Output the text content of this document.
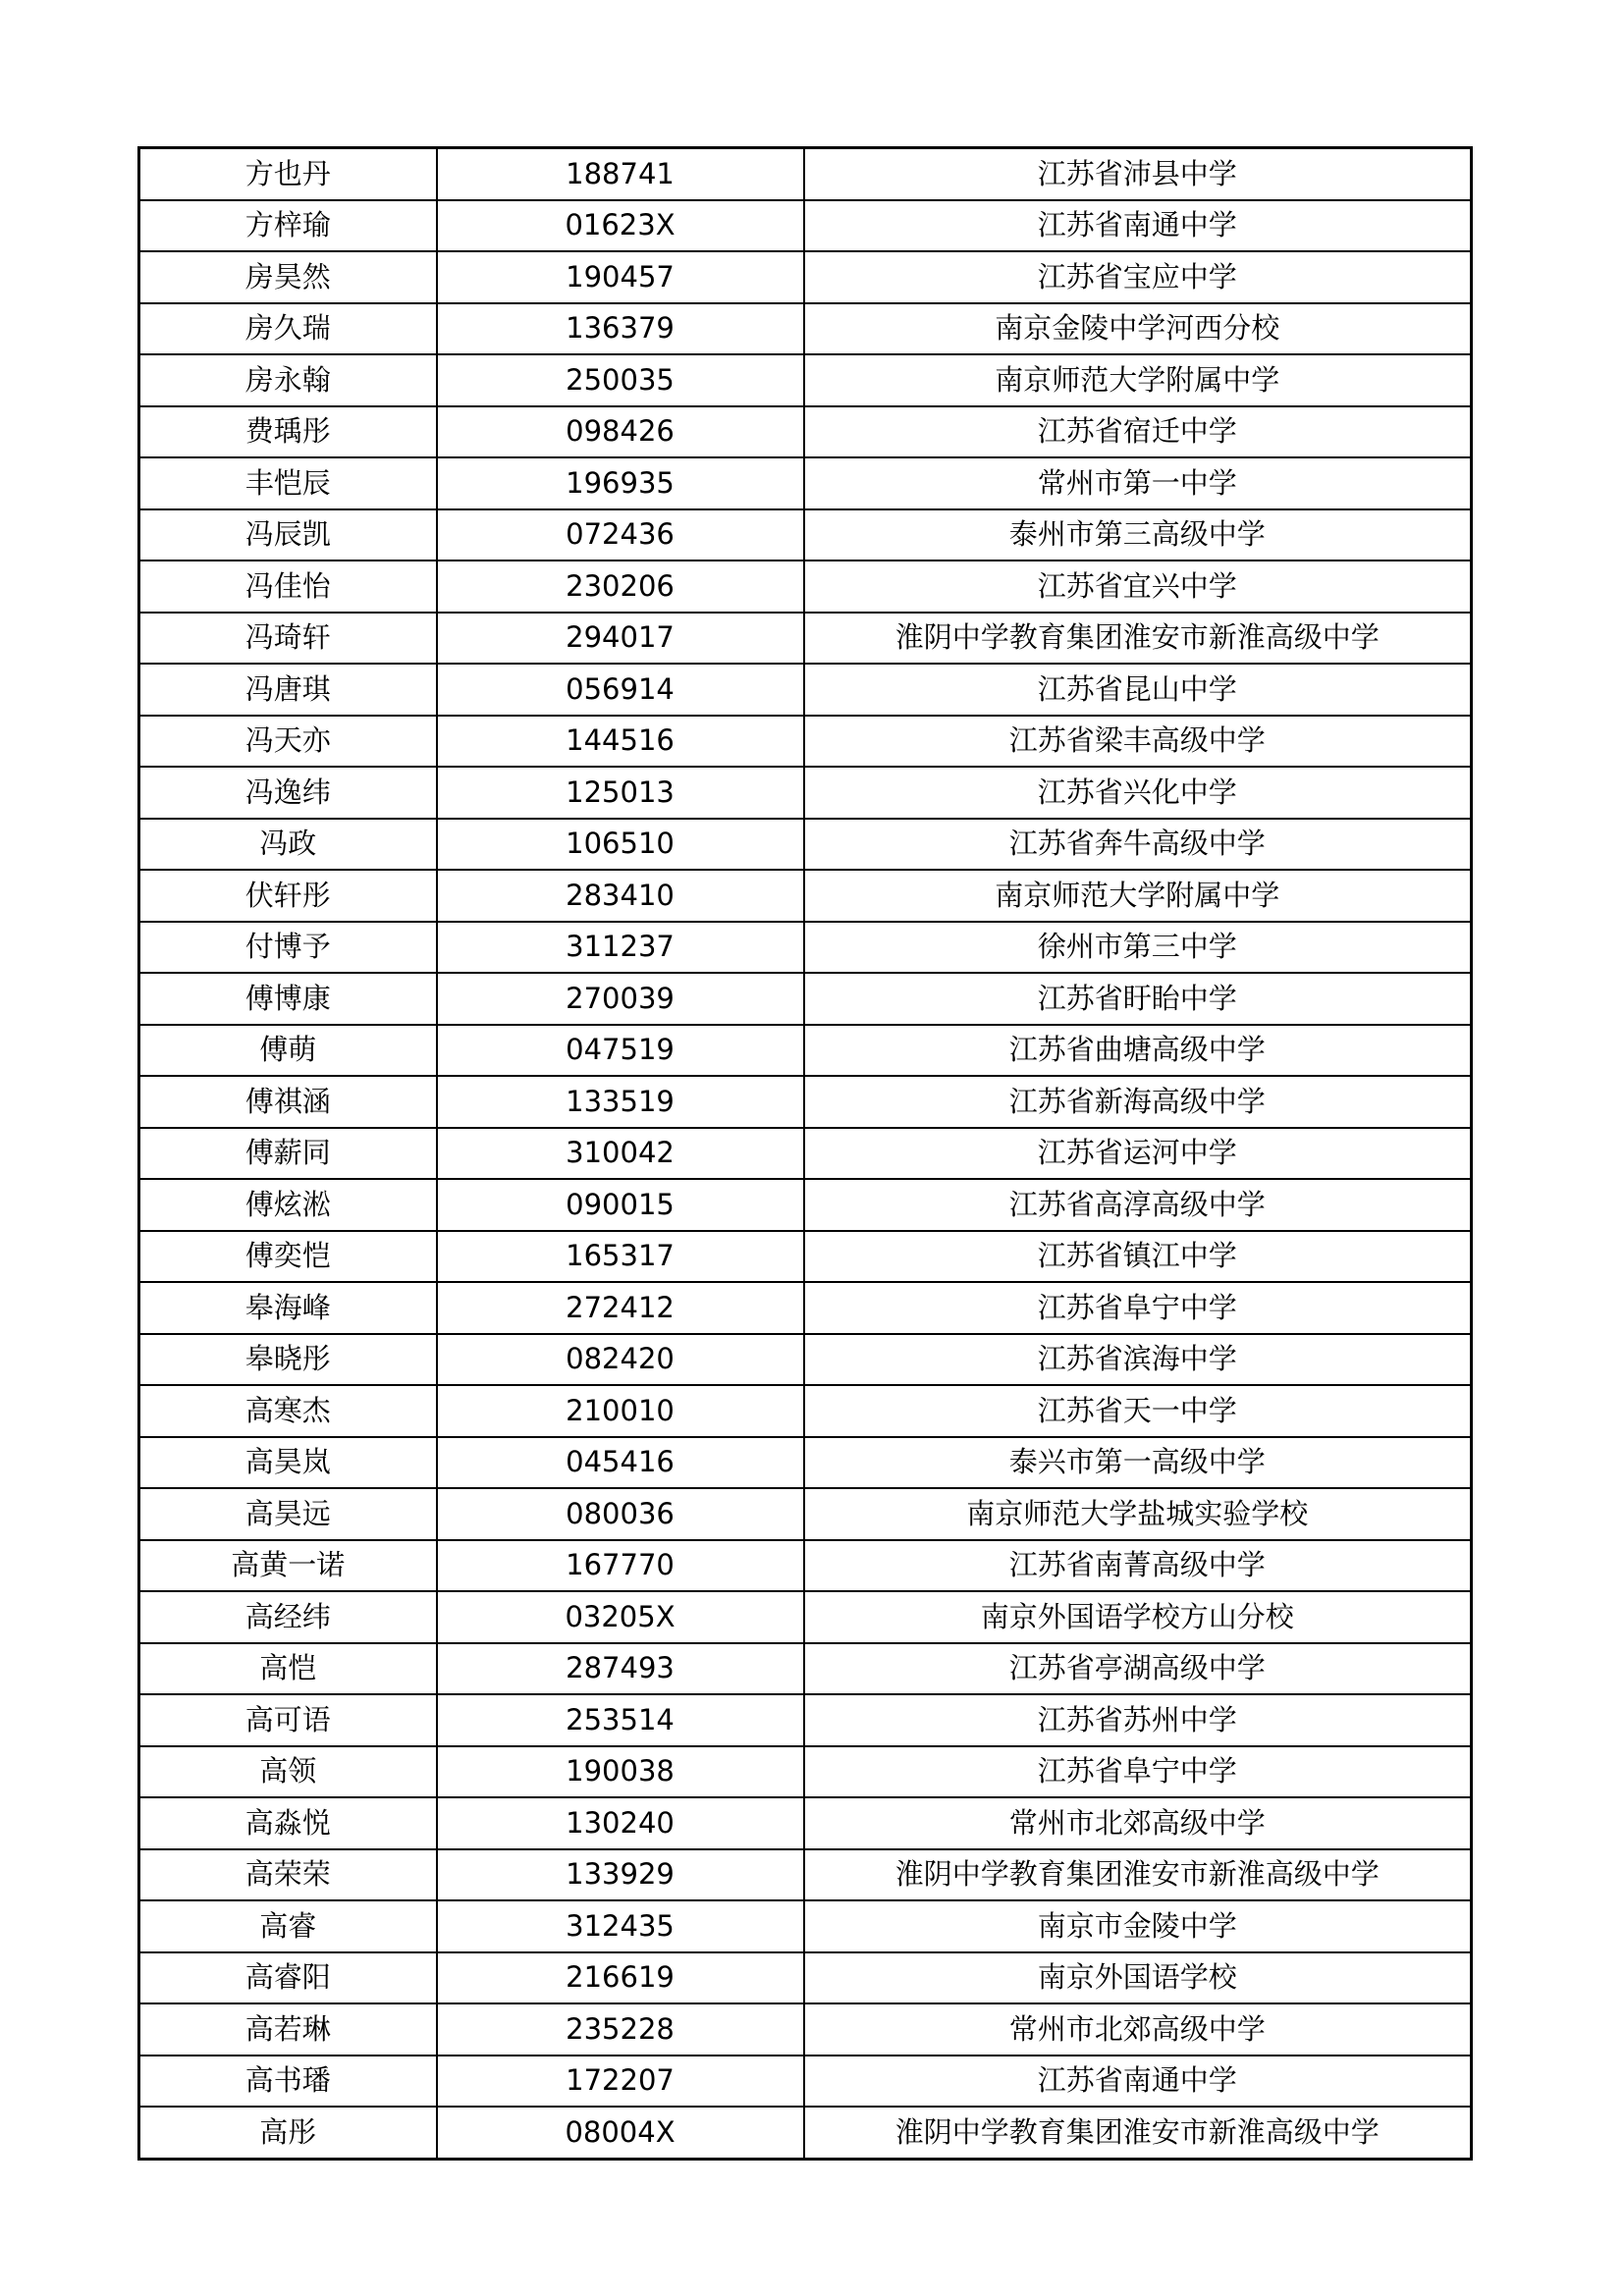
方也丹	188741	江苏省沛县中学
方梓瑜	01623X	江苏省南通中学
房昊然	190457	江苏省宝应中学
房久瑞	136379	南京金陵中学河西分校
房永翰	250035	南京师范大学附属中学
费瑀彤	098426	江苏省宿迁中学
丰恺辰	196935	常州市第一中学
冯辰凯	072436	泰州市第三高级中学
冯佳怡	230206	江苏省宜兴中学
冯琦轩	294017	淮阴中学教育集团淮安市新淮高级中学
冯唐琪	056914	江苏省昆山中学
冯天亦	144516	江苏省梁丰高级中学
冯逸纬	125013	江苏省兴化中学
冯政	106510	江苏省奔牛高级中学
伏轩彤	283410	南京师范大学附属中学
付博予	311237	徐州市第三中学
傅博康	270039	江苏省盱眙中学
傅萌	047519	江苏省曲塘高级中学
傅祺涵	133519	江苏省新海高级中学
傅薪同	310042	江苏省运河中学
傅炫淞	090015	江苏省高淳高级中学
傅奕恺	165317	江苏省镇江中学
皋海峰	272412	江苏省阜宁中学
皋晓彤	082420	江苏省滨海中学
高寒杰	210010	江苏省天一中学
高昊岚	045416	泰兴市第一高级中学
高昊远	080036	南京师范大学盐城实验学校
高黄一诺	167770	江苏省南菁高级中学
高经纬	03205X	南京外国语学校方山分校
高恺	287493	江苏省亭湖高级中学
高可语	253514	江苏省苏州中学
高领	190038	江苏省阜宁中学
高淼悦	130240	常州市北郊高级中学
高荣荣	133929	淮阴中学教育集团淮安市新淮高级中学
高睿	312435	南京市金陵中学
高睿阳	216619	南京外国语学校
高若琳	235228	常州市北郊高级中学
高书璠	172207	江苏省南通中学
高彤	08004X	淮阴中学教育集团淮安市新淮高级中学
